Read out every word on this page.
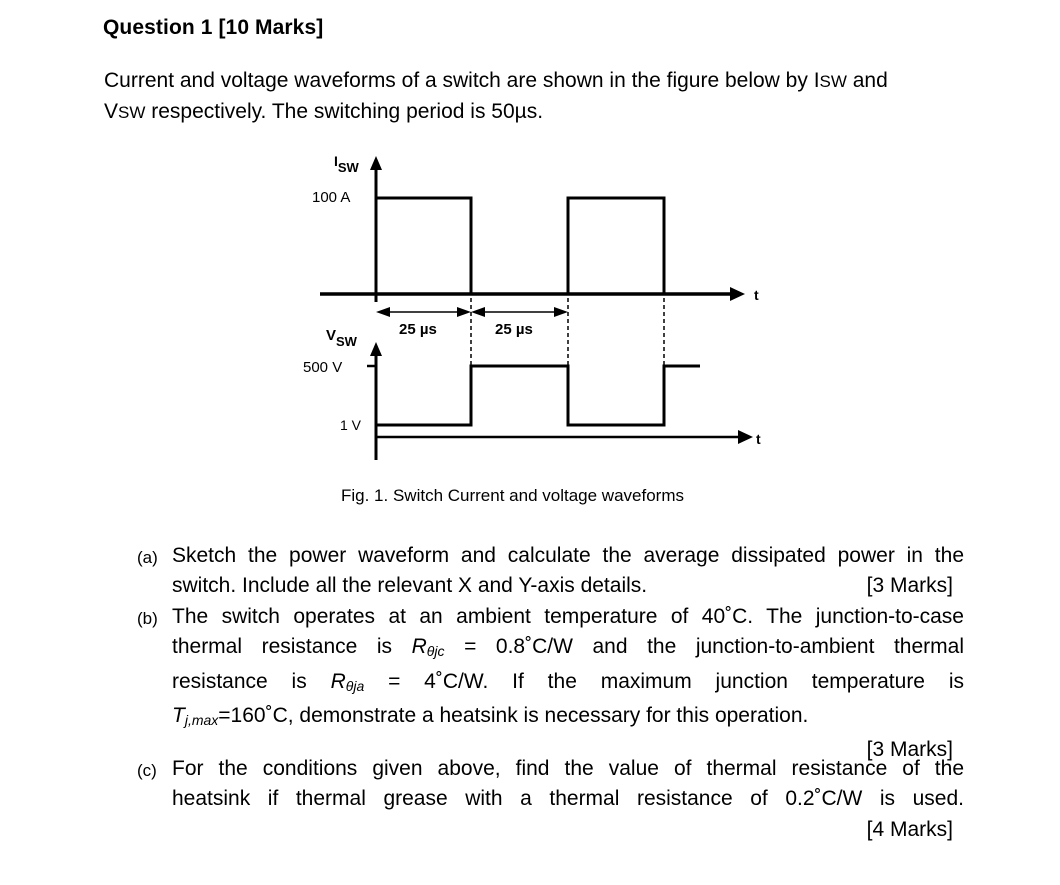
Question 1 [10 Marks]
Current and voltage waveforms of a switch are shown in the figure below by ISW and
VSW respectively. The switching period is 50µs.
ISW
100 A
t
25 µs	25 µs
VSW
500 V
1 V
t
Fig. 1. Switch Current and voltage waveforms
(a) Sketch the power waveform and calculate the average dissipated power in the
switch. Include all the relevant X and Y-axis details.	[3 Marks]
(b) The switch operates at an ambient temperature of 40˚C. The junction-to-case
thermal resistance is $R_{\theta jc}$ = 0.8˚C/W and the junction-to-ambient thermal
resistance is $R_{\theta ja}$ = 4˚C/W. If the maximum junction temperature is
$T_{j,max}=160˚C$, demonstrate a heatsink is necessary for this operation.
[3 Marks]
(c) For the conditions given above, find the value of thermal resistance of the
heatsink if thermal grease with a thermal resistance of 0.2˚C/W is used.
[4 Marks]
